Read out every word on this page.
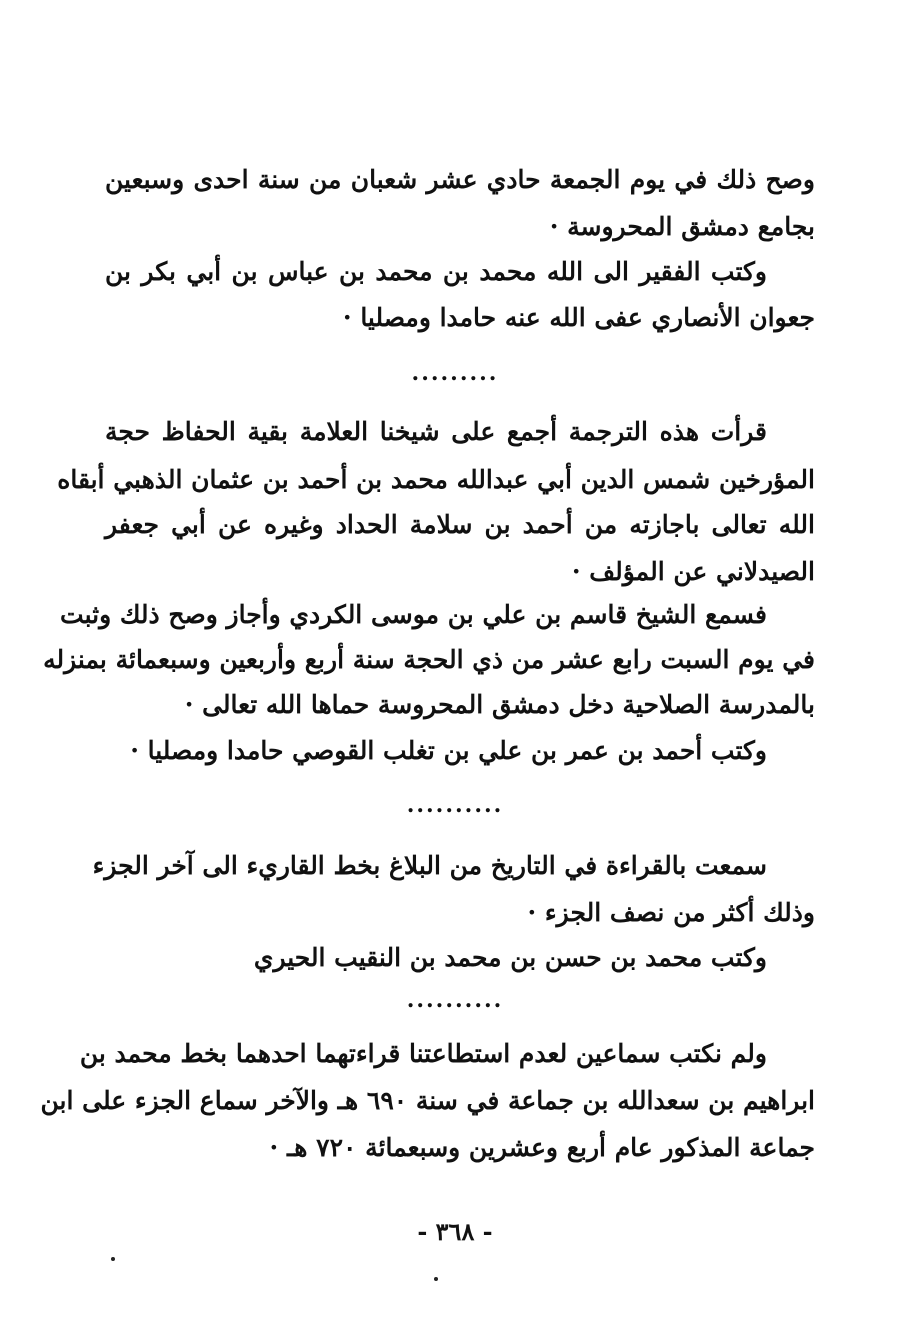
وصح ذلك في يوم الجمعة حادي عشر شعبان من سنة احدى وسبعين
بجامع دمشق المحروسة ·
وكتب الفقير الى الله محمد بن محمد بن عباس بن أبي بكر بن
جعوان الأنصاري عفى الله عنه حامدا ومصليا ·
.........
قرأت هذه الترجمة أجمع على شيخنا العلامة بقية الحفاظ حجة
المؤرخين شمس الدين أبي عبدالله محمد بن أحمد بن عثمان الذهبي أبقاه
الله تعالى باجازته من أحمد بن سلامة الحداد وغيره عن أبي جعفر
الصيدلاني عن المؤلف ·
فسمع الشيخ قاسم بن علي بن موسى الكردي وأجاز وصح ذلك وثبت
في يوم السبت رابع عشر من ذي الحجة سنة أربع وأربعين وسبعمائة بمنزله
بالمدرسة الصلاحية دخل دمشق المحروسة حماها الله تعالى ·
وكتب أحمد بن عمر بن علي بن تغلب القوصي حامدا ومصليا ·
..........
سمعت بالقراءة في التاريخ من البلاغ بخط القاريء الى آخر الجزء
وذلك أكثر من نصف الجزء ·
وكتب محمد بن حسن بن محمد بن النقيب الحيري
..........
ولم نكتب سماعين لعدم استطاعتنا قراءتهما احدهما بخط محمد بن
ابراهيم بن سعدالله بن جماعة في سنة ٦٩٠ هـ والآخر سماع الجزء على ابن
جماعة المذكور عام أربع وعشرين وسبعمائة ٧٢٠ هـ ·
- ٣٦٨ -
